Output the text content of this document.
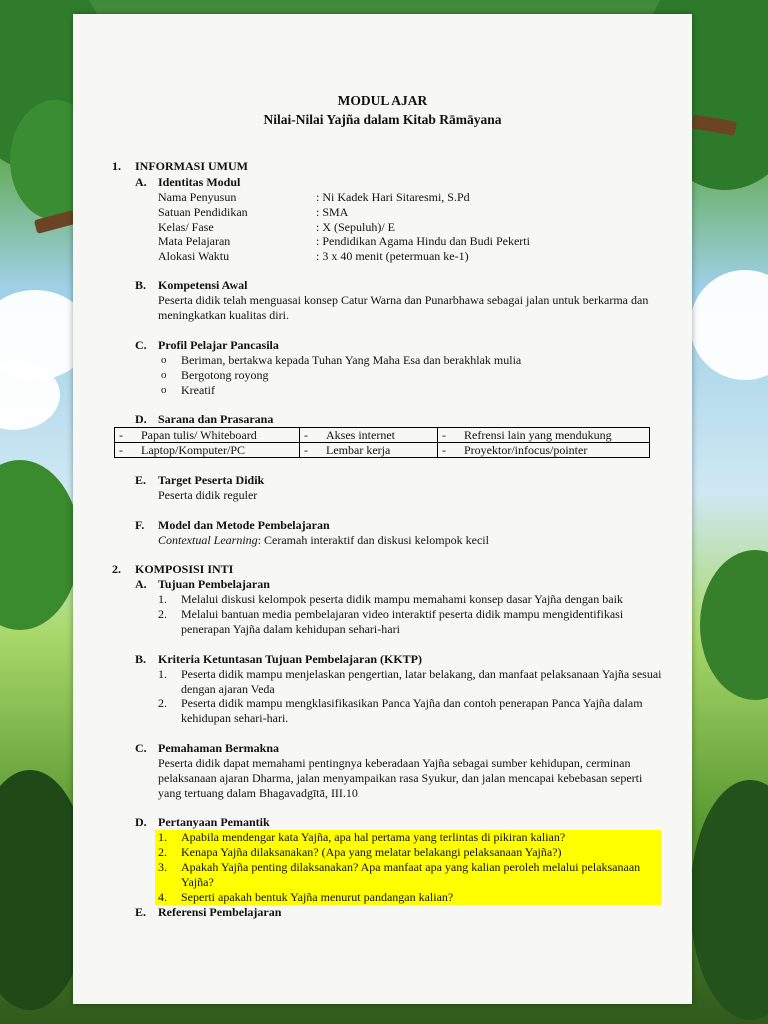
MODUL AJAR
Nilai-Nilai Yajña dalam Kitab Rāmāyana
1. INFORMASI UMUM
A. Identitas Modul
Nama Penyusun	: Ni Kadek Hari Sitaresmi, S.Pd
Satuan Pendidikan	: SMA
Kelas/ Fase	: X (Sepuluh)/ E
Mata Pelajaran	: Pendidikan Agama Hindu dan Budi Pekerti
Alokasi Waktu	: 3 x 40 menit (petermuan ke-1)
B. Kompetensi Awal
Peserta didik telah menguasai konsep Catur Warna dan Punarbhawa sebagai jalan untuk berkarma dan
meningkatkan kualitas diri.
C. Profil Pelajar Pancasila
o Beriman, bertakwa kepada Tuhan Yang Maha Esa dan berakhlak mulia
o Bergotong royong
o Kreatif
D. Sarana dan Prasarana
- Papan tulis/ Whiteboard	- Akses internet	- Refrensi lain yang mendukung
- Laptop/Komputer/PC	- Lembar kerja	- Proyektor/infocus/pointer
E. Target Peserta Didik
Peserta didik reguler
F. Model dan Metode Pembelajaran
Contextual Learning: Ceramah interaktif dan diskusi kelompok kecil
2. KOMPOSISI INTI
A. Tujuan Pembelajaran
1. Melalui diskusi kelompok peserta didik mampu memahami konsep dasar Yajña dengan baik
2. Melalui bantuan media pembelajaran video interaktif peserta didik mampu mengidentifikasi
penerapan Yajña dalam kehidupan sehari-hari
B. Kriteria Ketuntasan Tujuan Pembelajaran (KKTP)
1. Peserta didik mampu menjelaskan pengertian, latar belakang, dan manfaat pelaksanaan Yajña sesuai
dengan ajaran Veda
2. Peserta didik mampu mengklasifikasikan Panca Yajña dan contoh penerapan Panca Yajña dalam
kehidupan sehari-hari.
C. Pemahaman Bermakna
Peserta didik dapat memahami pentingnya keberadaan Yajña sebagai sumber kehidupan, cerminan
pelaksanaan ajaran Dharma, jalan menyampaikan rasa Syukur, dan jalan mencapai kebebasan seperti
yang tertuang dalam Bhagavadgītā, III.10
D. Pertanyaan Pemantik
1. Apabila mendengar kata Yajña, apa hal pertama yang terlintas di pikiran kalian?
2. Kenapa Yajña dilaksanakan? (Apa yang melatar belakangi pelaksanaan Yajña?)
3. Apakah Yajña penting dilaksanakan? Apa manfaat apa yang kalian peroleh melalui pelaksanaan
Yajña?
4. Seperti apakah bentuk Yajña menurut pandangan kalian?
E. Referensi Pembelajaran
